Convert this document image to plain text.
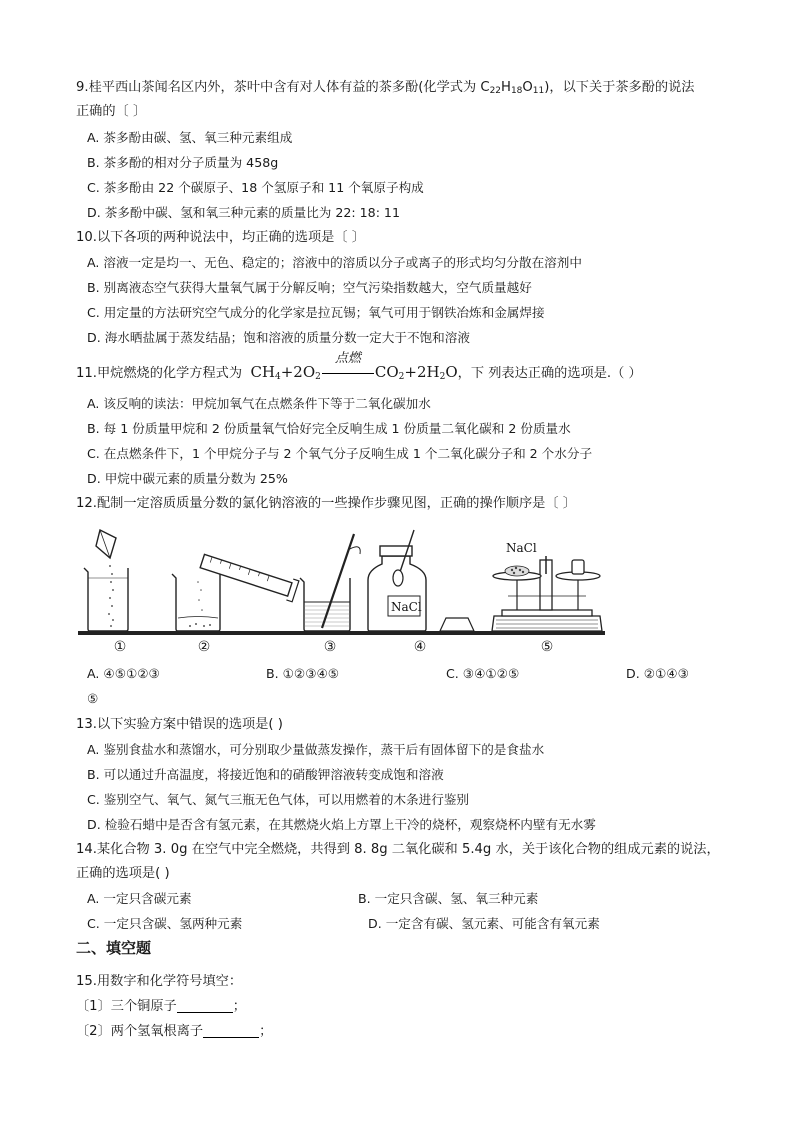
9.桂平西山茶闻名区内外，茶叶中含有对人体有益的茶多酚(化学式为 $C_{22}H_{18}O_{11}$)，以下关于茶多酚的说法
正确的〔 〕
A. 茶多酚由碳、氢、氧三种元素组成
B. 茶多酚的相对分子质量为 458g
C. 茶多酚由 22 个碳原子、18 个氢原子和 11 个氧原子构成
D. 茶多酚中碳、氢和氧三种元素的质量比为 22: 18: 11
10.以下各项的两种说法中，均正确的选项是〔 〕
A. 溶液一定是均一、无色、稳定的；溶液中的溶质以分子或离子的形式均匀分散在溶剂中
B. 别离液态空气获得大量氧气属于分解反响；空气污染指数越大，空气质量越好
C. 用定量的方法研究空气成分的化学家是拉瓦锡；氧气可用于钢铁冶炼和金属焊接
D. 海水晒盐属于蒸发结晶；饱和溶液的质量分数一定大于不饱和溶液
11.甲烷燃烧的化学方程式为 $CH_4+2O_2$
点燃
$CO_2+2H_2O$，下 列表达正确的选项是.（ ）
A. 该反响的读法：甲烷加氧气在点燃条件下等于二氧化碳加水
B. 每 1 份质量甲烷和 2 份质量氧气恰好完全反响生成 1 份质量二氧化碳和 2 份质量水
C. 在点燃条件下，1 个甲烷分子与 2 个氧气分子反响生成 1 个二氧化碳分子和 2 个水分子
D. 甲烷中碳元素的质量分数为 25%
12.配制一定溶质质量分数的氯化钠溶液的一些操作步骤见图，正确的操作顺序是〔 〕
NaCl
NaCl
①	②	③	④	⑤
A. ④⑤①②③	B. ①②③④⑤	C. ③④①②⑤	D. ②①④③
⑤
13.以下实验方案中错误的选项是( )
A. 鉴别食盐水和蒸馏水，可分别取少量做蒸发操作，蒸干后有固体留下的是食盐水
B. 可以通过升高温度，将接近饱和的硝酸钾溶液转变成饱和溶液
C. 鉴别空气、氧气、氮气三瓶无色气体，可以用燃着的木条进行鉴别
D. 检验石蜡中是否含有氢元素，在其燃烧火焰上方罩上干冷的烧杯，观察烧杯内壁有无水雾
14.某化合物 3. 0g 在空气中完全燃烧，共得到 8. 8g 二氧化碳和 5.4g 水，关于该化合物的组成元素的说法，
正确的选项是( )
A. 一定只含碳元素	B. 一定只含碳、氢、氧三种元素
C. 一定只含碳、氢两种元素	D. 一定含有碳、氢元素、可能含有氧元素
二、填空题
15.用数字和化学符号填空：
〔1〕三个铜原子	；
〔2〕两个氢氧根离子	；
